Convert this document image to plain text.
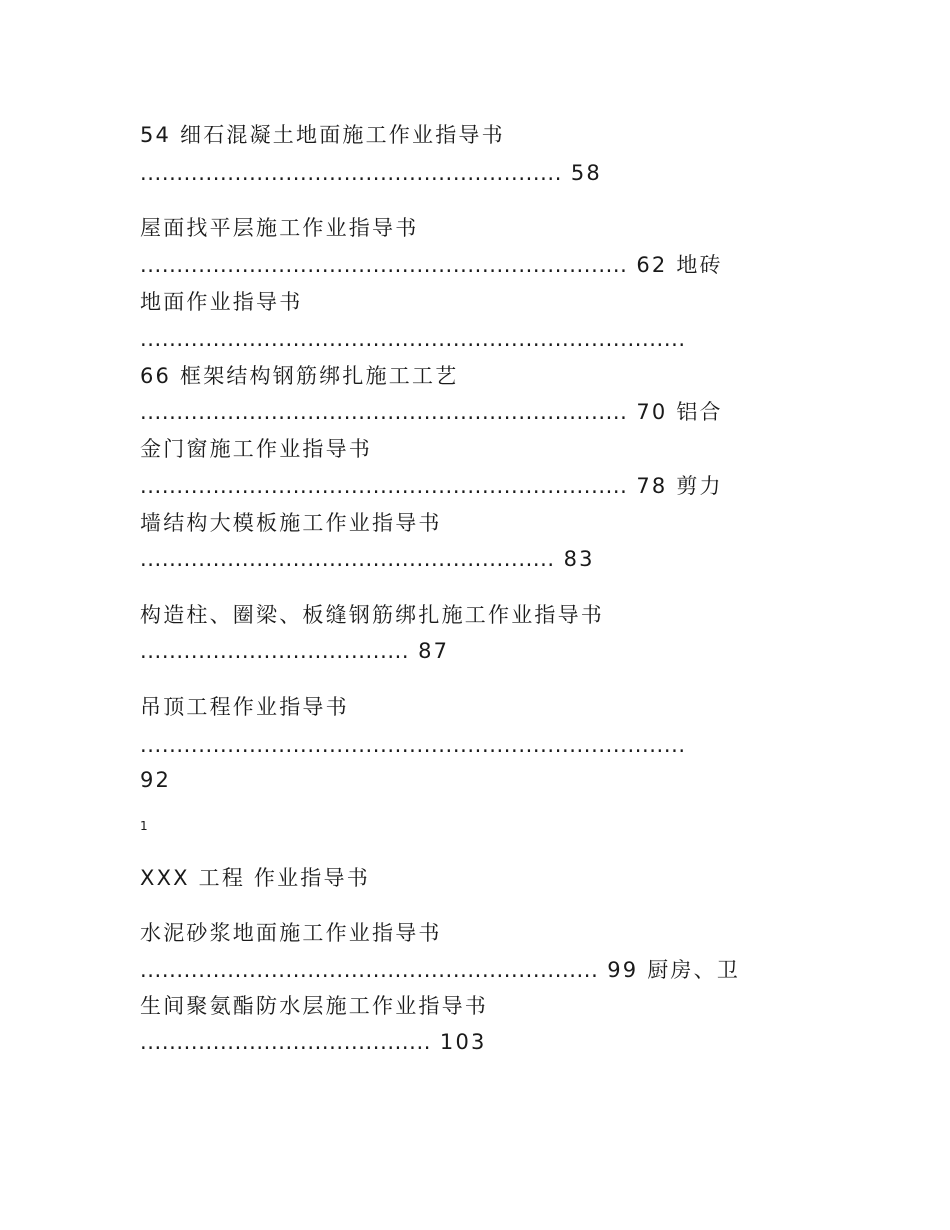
54 细石混凝土地面施工作业指导书

.......................................................... 58

屋面找平层施工作业指导书

................................................................... 62 地砖

地面作业指导书

...........................................................................

66 框架结构钢筋绑扎施工工艺

................................................................... 70 铝合

金门窗施工作业指导书

................................................................... 78 剪力

墙结构大模板施工作业指导书

......................................................... 83

构造柱、圈梁、板缝钢筋绑扎施工作业指导书

..................................... 87

吊顶工程作业指导书

...........................................................................

92

1

XXX 工程 作业指导书

水泥砂浆地面施工作业指导书

............................................................... 99 厨房、卫

生间聚氨酯防水层施工作业指导书

........................................ 103
